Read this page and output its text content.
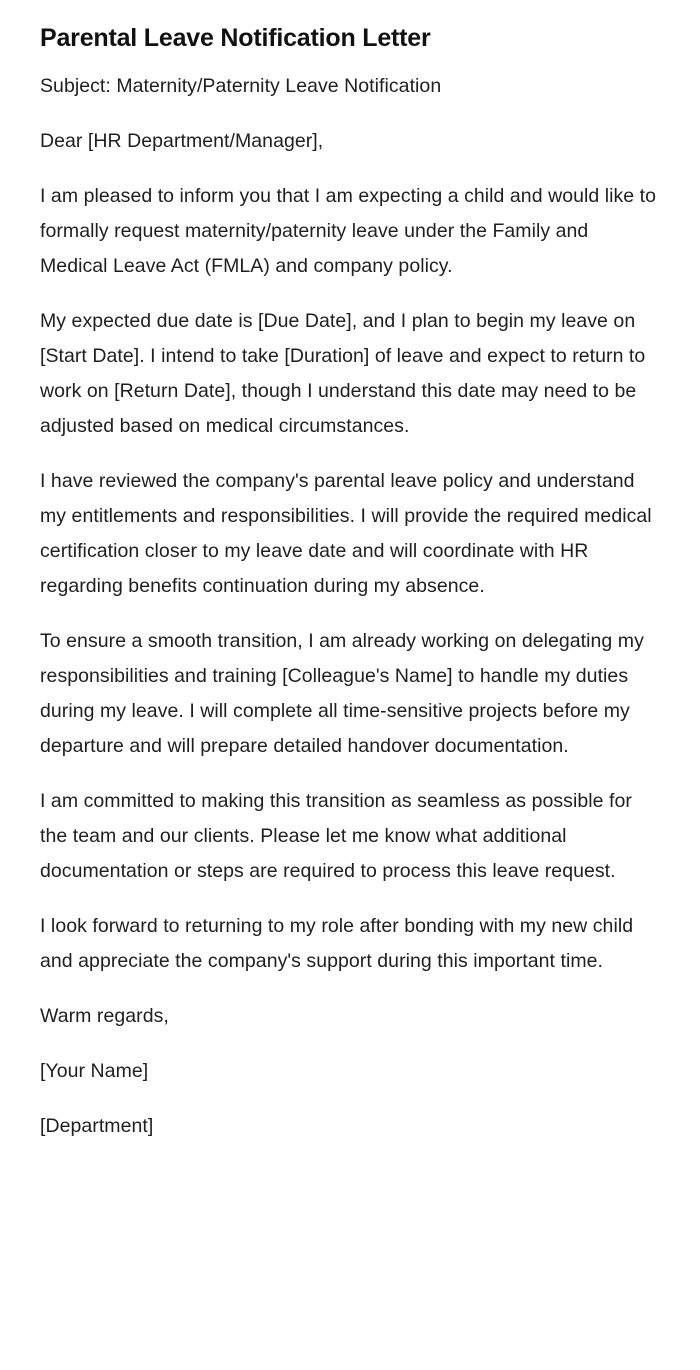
Parental Leave Notification Letter

Subject: Maternity/Paternity Leave Notification

Dear [HR Department/Manager],

I am pleased to inform you that I am expecting a child and would like to formally request maternity/paternity leave under the Family and Medical Leave Act (FMLA) and company policy.

My expected due date is [Due Date], and I plan to begin my leave on [Start Date]. I intend to take [Duration] of leave and expect to return to work on [Return Date], though I understand this date may need to be adjusted based on medical circumstances.

I have reviewed the company's parental leave policy and understand my entitlements and responsibilities. I will provide the required medical certification closer to my leave date and will coordinate with HR regarding benefits continuation during my absence.

To ensure a smooth transition, I am already working on delegating my responsibilities and training [Colleague's Name] to handle my duties during my leave. I will complete all time-sensitive projects before my departure and will prepare detailed handover documentation.

I am committed to making this transition as seamless as possible for the team and our clients. Please let me know what additional documentation or steps are required to process this leave request.

I look forward to returning to my role after bonding with my new child and appreciate the company's support during this important time.

Warm regards,

[Your Name]

[Department]
